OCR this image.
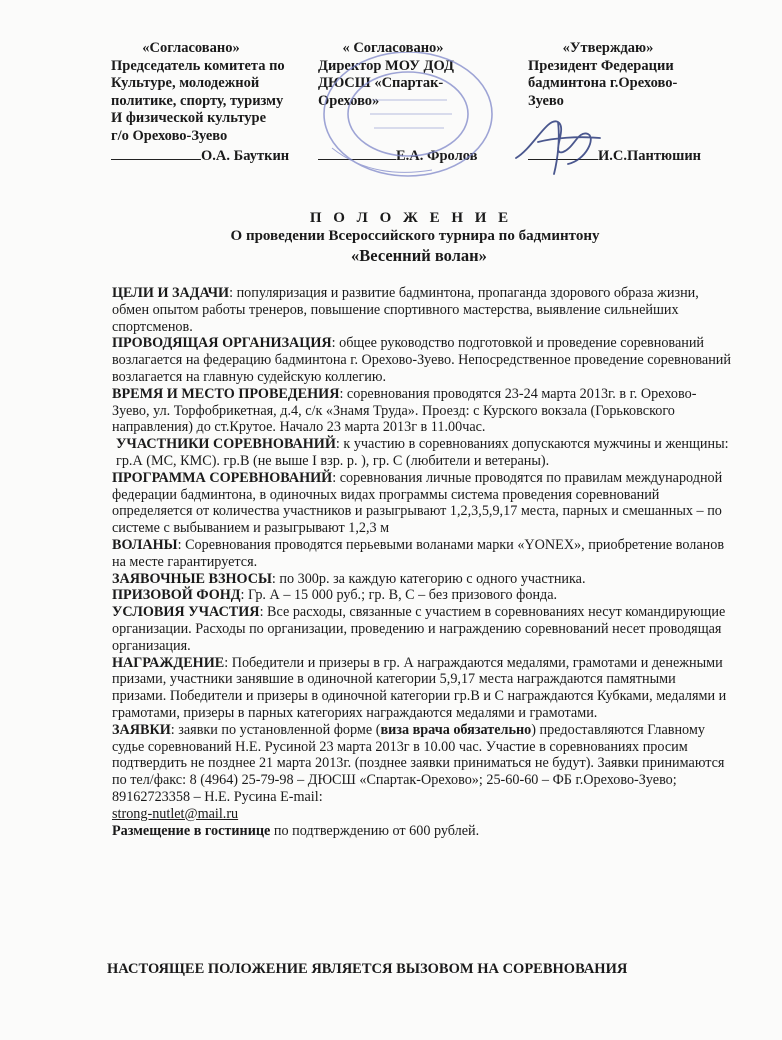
«Согласовано»
Председатель комитета по
Культуре, молодежной
политике, спорту, туризму
И физической культуре
г/о Орехово-Зуево
О.А. Бауткин
« Согласовано»
Директор МОУ ДОД
ДЮСШ «Спартак-
Орехово»
Е.А. Фролов
«Утверждаю»
Президент Федерации
бадминтона г.Орехово-
Зуево
И.С.Пантюшин
П О Л О Ж Е Н И Е
О проведении Всероссийского турнира по бадминтону
«Весенний волан»

ЦЕЛИ И ЗАДАЧИ: популяризация и развитие бадминтона, пропаганда здорового образа жизни, обмен опытом работы тренеров, повышение спортивного мастерства, выявление сильнейших спортсменов.

ПРОВОДЯЩАЯ ОРГАНИЗАЦИЯ: общее руководство подготовкой и проведение соревнований возлагается на федерацию бадминтона г. Орехово-Зуево. Непосредственное проведение соревнований возлагается на главную судейскую коллегию.

ВРЕМЯ И МЕСТО ПРОВЕДЕНИЯ: соревнования проводятся 23-24 марта 2013г. в г. Орехово-Зуево, ул. Торфобрикетная, д.4, с/к «Знамя Труда». Проезд: с Курского вокзала (Горьковского направления) до ст.Крутое. Начало 23 марта 2013г в 11.00час.

УЧАСТНИКИ СОРЕВНОВАНИЙ: к участию в соревнованиях допускаются мужчины и женщины: гр.А (МС, КМС). гр.В (не выше I взр. р. ), гр. С (любители и ветераны).

ПРОГРАММА СОРЕВНОВАНИЙ: соревнования личные проводятся по правилам международной федерации бадминтона, в одиночных видах программы система проведения соревнований определяется от количества участников и разыгрывают 1,2,3,5,9,17 места, парных и смешанных – по системе с выбыванием и разыгрывают 1,2,3 м

ВОЛАНЫ: Соревнования проводятся перьевыми воланами марки «YONEX», приобретение воланов на месте гарантируется.

ЗАЯВОЧНЫЕ ВЗНОСЫ: по 300р. за каждую категорию с одного участника.

ПРИЗОВОЙ ФОНД: Гр. А – 15 000 руб.; гр. В, С – без призового фонда.

УСЛОВИЯ УЧАСТИЯ: Все расходы, связанные с участием в соревнованиях несут командирующие организации. Расходы по организации, проведению и награждению соревнований несет проводящая организация.

НАГРАЖДЕНИЕ: Победители и призеры в гр. А награждаются медалями, грамотами и денежными призами, участники занявшие в одиночной категории 5,9,17 места награждаются памятными призами. Победители и призеры в одиночной категории гр.В и С награждаются Кубками, медалями и грамотами, призеры в парных категориях награждаются медалями и грамотами.

ЗАЯВКИ: заявки по установленной форме (виза врача обязательно) предоставляются Главному судье соревнований Н.Е. Русиной 23 марта 2013г в 10.00 час. Участие в соревнованиях просим подтвердить не позднее 21 марта 2013г. (позднее заявки приниматься не будут). Заявки принимаются по тел/факс: 8 (4964) 25-79-98 – ДЮСШ «Спартак-Орехово»; 25-60-60 – ФБ г.Орехово-Зуево; 89162723358 – Н.Е. Русина E-mail:
strong-nutlet@mail.ru

Размещение в гостинице по подтверждению от 600 рублей.

НАСТОЯЩЕЕ ПОЛОЖЕНИЕ ЯВЛЯЕТСЯ ВЫЗОВОМ НА СОРЕВНОВАНИЯ
